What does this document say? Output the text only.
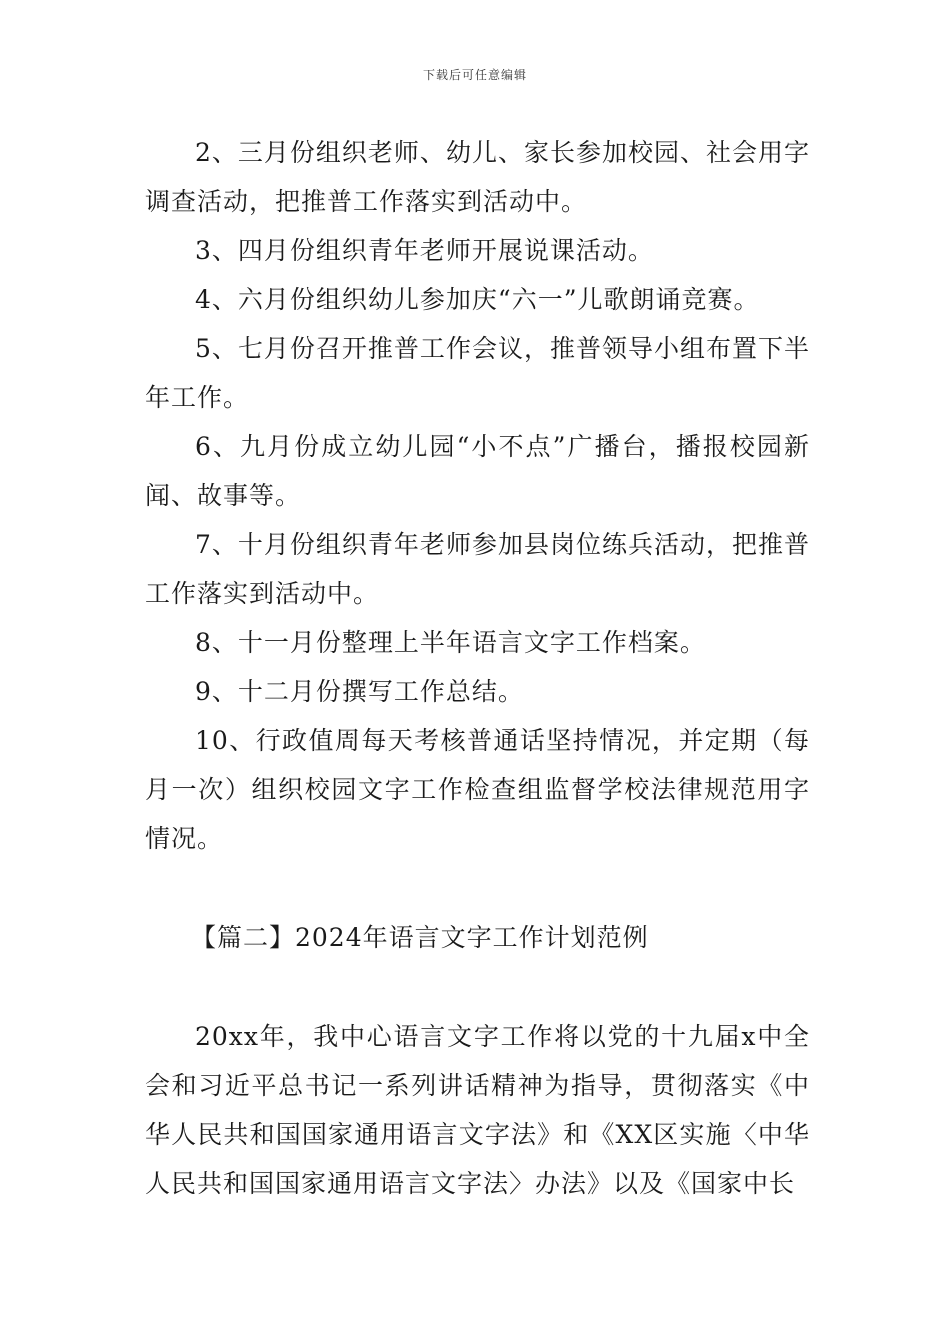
下载后可任意编辑

2、三月份组织老师、幼儿、家长参加校园、社会用字调查活动，把推普工作落实到活动中。

3、四月份组织青年老师开展说课活动。

4、六月份组织幼儿参加庆“六一”儿歌朗诵竞赛。

5、七月份召开推普工作会议，推普领导小组布置下半年工作。

6、九月份成立幼儿园“小不点”广播台，播报校园新闻、故事等。

7、十月份组织青年老师参加县岗位练兵活动，把推普工作落实到活动中。

8、十一月份整理上半年语言文字工作档案。

9、十二月份撰写工作总结。

10、行政值周每天考核普通话坚持情况，并定期（每月一次）组织校园文字工作检查组监督学校法律规范用字情况。

【篇二】2024年语言文字工作计划范例

20xx年，我中心语言文字工作将以党的十九届x中全会和习近平总书记一系列讲话精神为指导，贯彻落实《中华人民共和国国家通用语言文字法》和《XX区实施〈中华人民共和国国家通用语言文字法〉办法》以及《国家中长
